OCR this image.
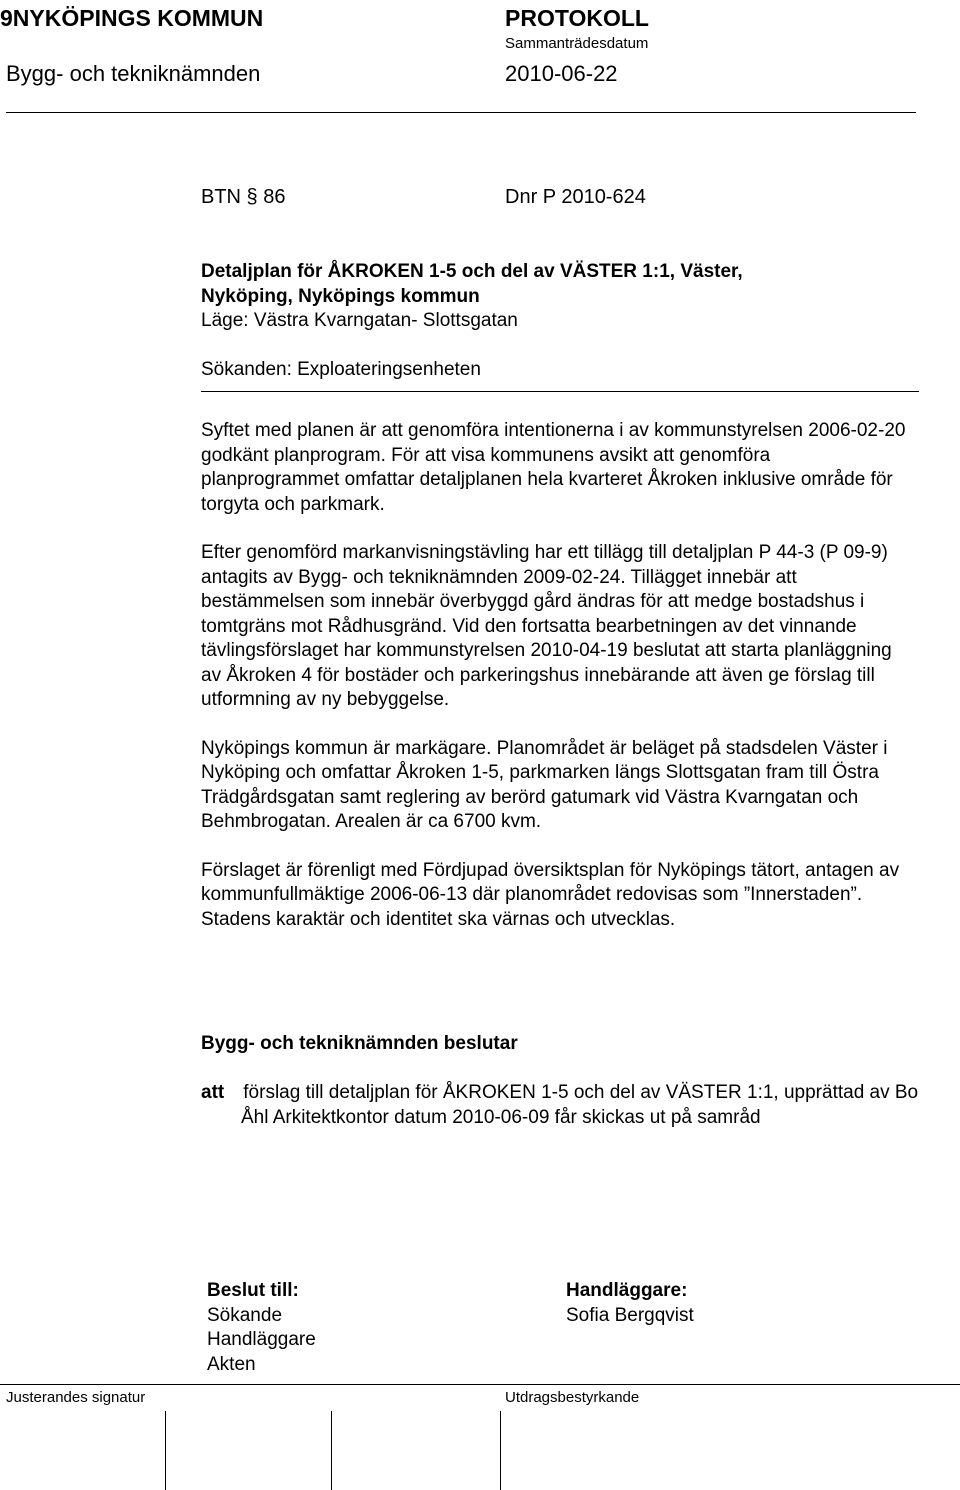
9NYKÖPINGS KOMMUN	PROTOKOLL
Sammanträdesdatum
Bygg- och tekniknämnden	2010-06-22
BTN § 86	Dnr P 2010-624

Detaljplan för ÅKROKEN 1-5 och del av VÄSTER 1:1, Väster,

Nyköping, Nyköpings kommun

Läge: Västra Kvarngatan- Slottsgatan

Sökanden: Exploateringsenheten

Syftet med planen är att genomföra intentionerna i av kommunstyrelsen 2006-02-20 godkänt planprogram. För att visa kommunens avsikt att genomföra planprogrammet omfattar detaljplanen hela kvarteret Åkroken inklusive område för torgyta och parkmark.

Efter genomförd markanvisningstävling har ett tillägg till detaljplan P 44-3 (P 09-9) antagits av Bygg- och tekniknämnden 2009-02-24. Tillägget innebär att bestämmelsen som innebär överbyggd gård ändras för att medge bostadshus i tomtgräns mot Rådhusgränd. Vid den fortsatta bearbetningen av det vinnande tävlingsförslaget har kommunstyrelsen 2010-04-19 beslutat att starta planläggning av Åkroken 4 för bostäder och parkeringshus innebärande att även ge förslag till utformning av ny bebyggelse.

Nyköpings kommun är markägare. Planområdet är beläget på stadsdelen Väster i Nyköping och omfattar Åkroken 1-5, parkmarken längs Slottsgatan fram till Östra Trädgårdsgatan samt reglering av berörd gatumark vid Västra Kvarngatan och Behmbrogatan. Arealen är ca 6700 kvm.

Förslaget är förenligt med Fördjupad översiktsplan för Nyköpings tätort, antagen av kommunfullmäktige 2006-06-13 där planområdet redovisas som ”Innerstaden”. Stadens karaktär och identitet ska värnas och utvecklas.

Bygg- och tekniknämnden beslutar
att	förslag till detaljplan för ÅKROKEN 1-5 och del av VÄSTER 1:1, upprättad av Bo Åhl Arkitektkontor datum 2010-06-09 får skickas ut på samråd

Beslut till:
Sökande
Handläggare
Akten
Handläggare:
Sofia Bergqvist
Justerandes signatur	Utdragsbestyrkande
